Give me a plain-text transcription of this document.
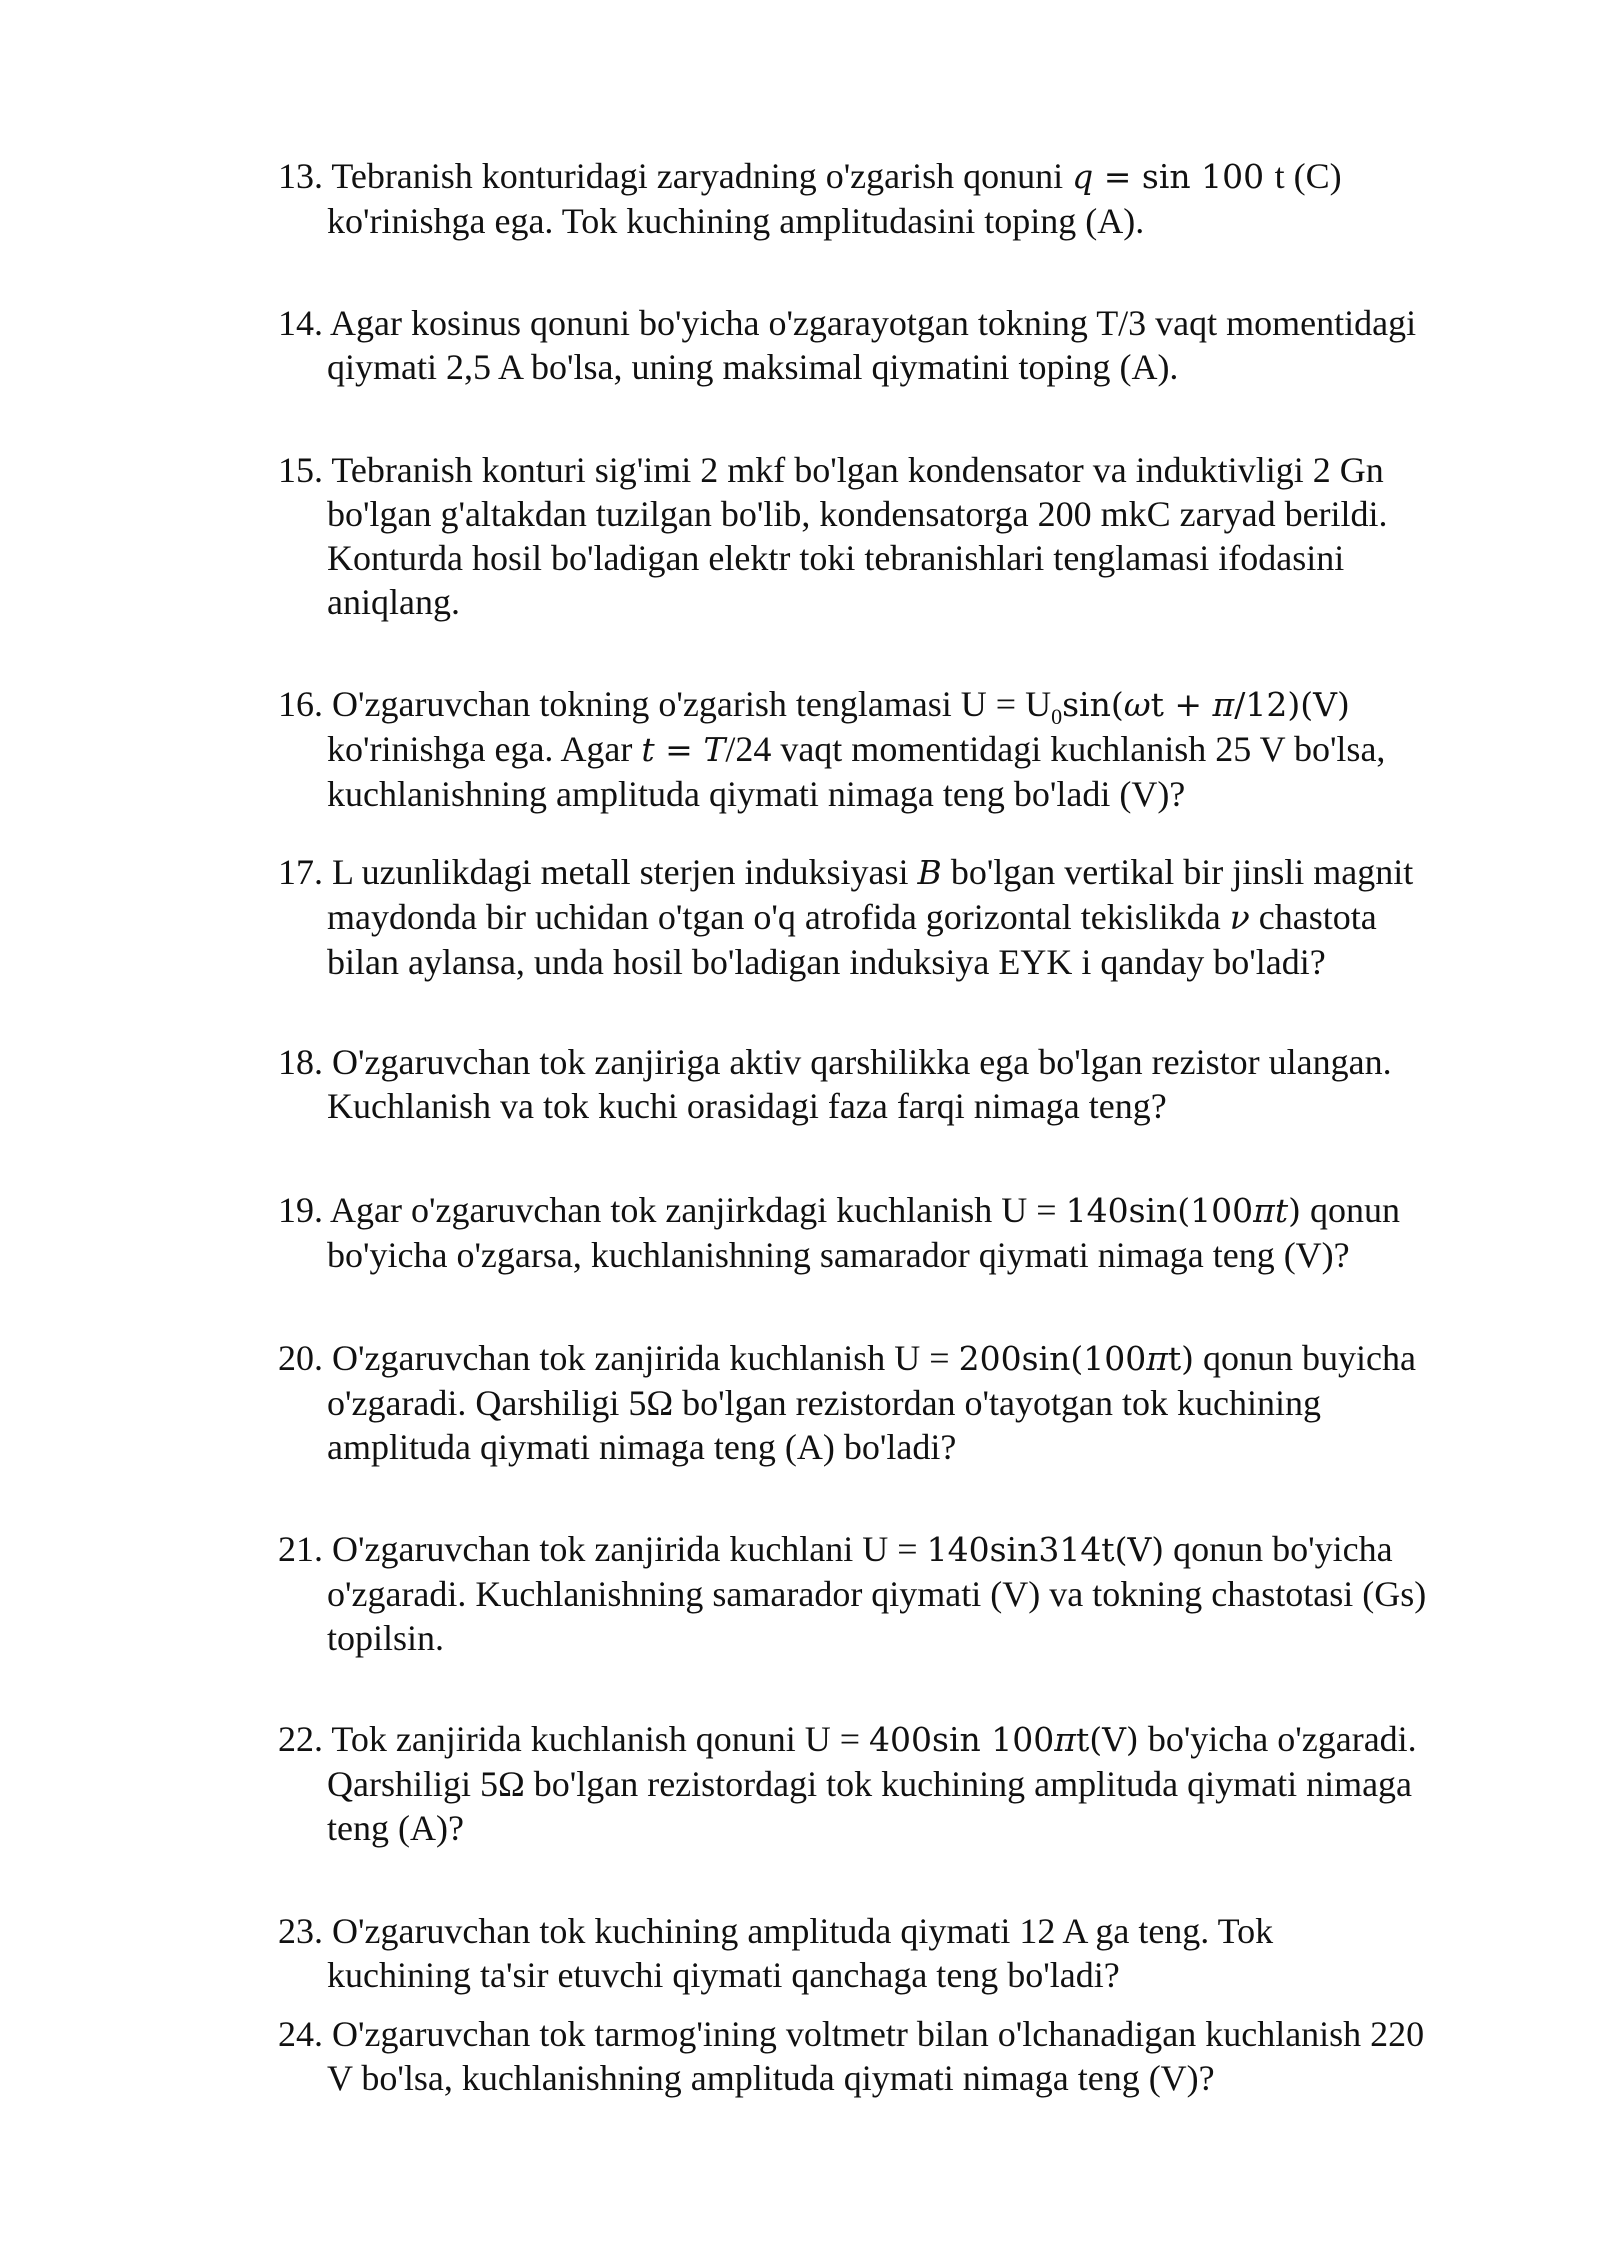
13. Tebranish konturidagi zaryadning o'zgarish qonuni q = sin 100 t (C)
ko'rinishga ega. Tok kuchining amplitudasini toping (A).
14. Agar kosinus qonuni bo'yicha o'zgarayotgan tokning T/3 vaqt momentidagi
qiymati 2,5 A bo'lsa, uning maksimal qiymatini toping (A).
15. Tebranish konturi sig'imi 2 mkf bo'lgan kondensator va induktivligi 2 Gn
bo'lgan g'altakdan tuzilgan bo'lib, kondensatorga 200 mkC zaryad berildi.
Konturda hosil bo'ladigan elektr toki tebranishlari tenglamasi ifodasini
aniqlang.
16. O'zgaruvchan tokning o'zgarish tenglamasi $U = U_0\sin(\omega t + \pi/12)(V)$
ko'rinishga ega. Agar t = T/24 vaqt momentidagi kuchlanish 25 V bo'lsa,
kuchlanishning amplituda qiymati nimaga teng bo'ladi (V)?
17. L uzunlikdagi metall sterjen induksiyasi B bo'lgan vertikal bir jinsli magnit
maydonda bir uchidan o'tgan o'q atrofida gorizontal tekislikda ν chastota
bilan aylansa, unda hosil bo'ladigan induksiya EYK i qanday bo'ladi?
18. O'zgaruvchan tok zanjiriga aktiv qarshilikka ega bo'lgan rezistor ulangan.
Kuchlanish va tok kuchi orasidagi faza farqi nimaga teng?
19. Agar o'zgaruvchan tok zanjirkdagi kuchlanish U = 140sin(100πt) qonun
bo'yicha o'zgarsa, kuchlanishning samarador qiymati nimaga teng (V)?
20. O'zgaruvchan tok zanjirida kuchlanish U = 200sin(100πt) qonun buyicha
o'zgaradi. Qarshiligi 5Ω bo'lgan rezistordan o'tayotgan tok kuchining
amplituda qiymati nimaga teng (A) bo'ladi?
21. O'zgaruvchan tok zanjirida kuchlani U = 140sin314t(V) qonun bo'yicha
o'zgaradi. Kuchlanishning samarador qiymati (V) va tokning chastotasi (Gs)
topilsin.
22. Tok zanjirida kuchlanish qonuni U = 400sin 100πt(V) bo'yicha o'zgaradi.
Qarshiligi 5Ω bo'lgan rezistordagi tok kuchining amplituda qiymati nimaga
teng (A)?
23. O'zgaruvchan tok kuchining amplituda qiymati 12 A ga teng. Tok
kuchining ta'sir etuvchi qiymati qanchaga teng bo'ladi?
24. O'zgaruvchan tok tarmog'ining voltmetr bilan o'lchanadigan kuchlanish 220
V bo'lsa, kuchlanishning amplituda qiymati nimaga teng (V)?
